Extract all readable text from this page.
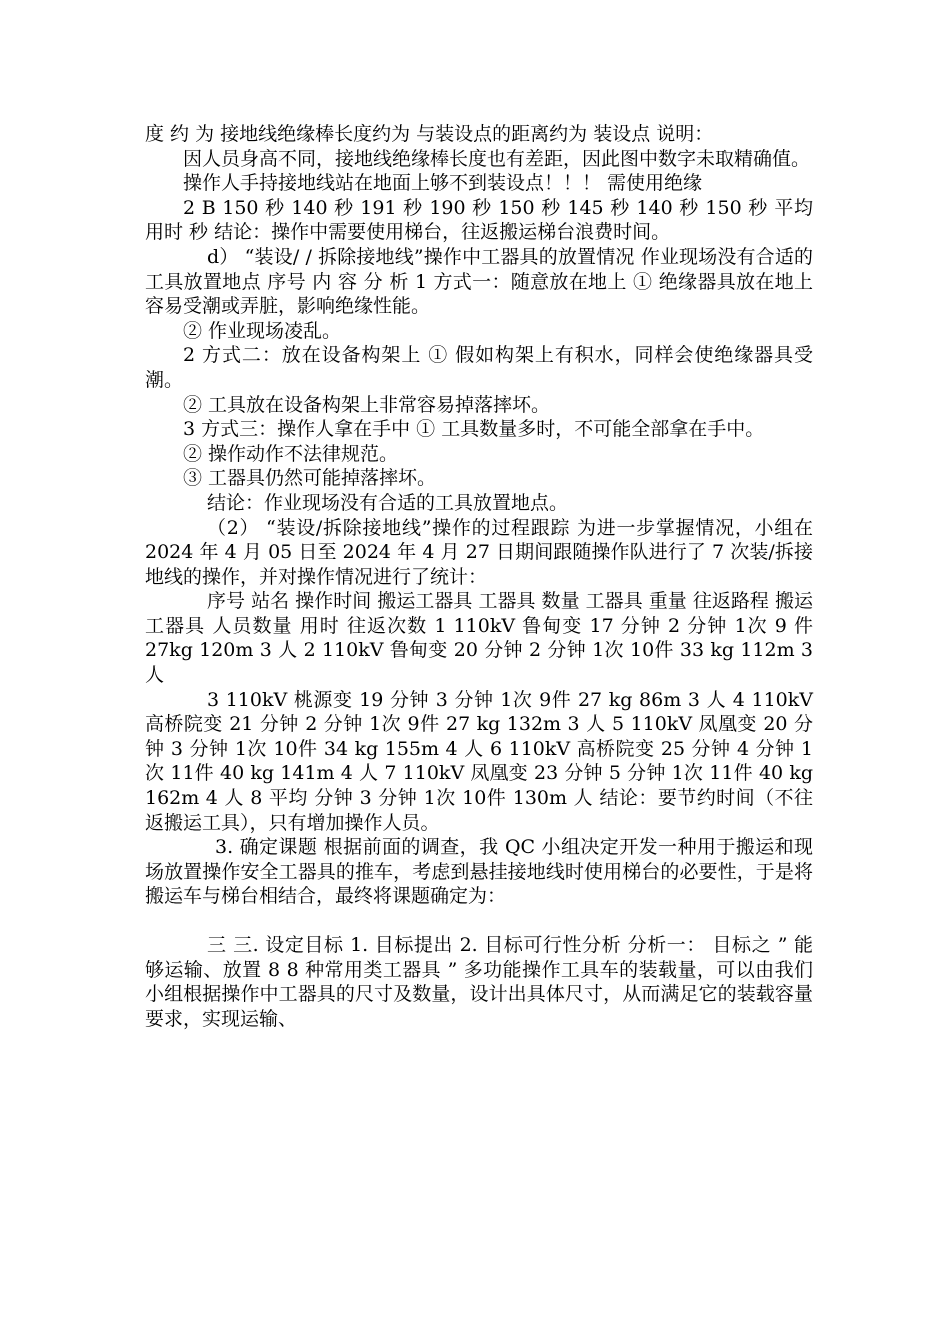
度 约 为 接地线绝缘棒长度约为 与装设点的距离约为 装设点 说明：

因人员身高不同，接地线绝缘棒长度也有差距，因此图中数字未取精确值。

操作人手持接地线站在地面上够不到装设点！！！ 需使用绝缘

2 B 150 秒 140 秒 191 秒 190 秒 150 秒 145 秒 140 秒 150 秒 平均用时 秒 结论：操作中需要使用梯台，往返搬运梯台浪费时间。

d） “装设/ / 拆除接地线”操作中工器具的放置情况 作业现场没有合适的工具放置地点 序号 内 容 分 析 1 方式一：随意放在地上 ① 绝缘器具放在地上容易受潮或弄脏，影响绝缘性能。

② 作业现场凌乱。

2 方式二：放在设备构架上 ① 假如构架上有积水，同样会使绝缘器具受潮。

② 工具放在设备构架上非常容易掉落摔坏。

3 方式三：操作人拿在手中 ① 工具数量多时，不可能全部拿在手中。

② 操作动作不法律规范。

③ 工器具仍然可能掉落摔坏。

结论：作业现场没有合适的工具放置地点。

（2） “装设/拆除接地线”操作的过程跟踪 为进一步掌握情况，小组在 2024 年 4 月 05 日至 2024 年 4 月 27 日期间跟随操作队进行了 7 次装/拆接地线的操作，并对操作情况进行了统计：

序号 站名 操作时间 搬运工器具 工器具 数量 工器具 重量 往返路程 搬运工器具 人员数量 用时 往返次数 1 110kV 鲁甸变 17 分钟 2 分钟 1次 9 件 27kg 120m 3 人 2 110kV 鲁甸变 20 分钟 2 分钟 1次 10件 33 kg 112m 3 人

3 110kV 桃源变 19 分钟 3 分钟 1次 9件 27 kg 86m 3 人 4 110kV 高桥院变 21 分钟 2 分钟 1次 9件 27 kg 132m 3 人 5 110kV 凤凰变 20 分钟 3 分钟 1次 10件 34 kg 155m 4 人 6 110kV 高桥院变 25 分钟 4 分钟 1次 11件 40 kg 141m 4 人 7 110kV 凤凰变 23 分钟 5 分钟 1次 11件 40 kg 162m 4 人 8 平均 分钟 3 分钟 1次 10件 130m 人 结论：要节约时间（不往返搬运工具），只有增加操作人员。

3. 确定课题 根据前面的调查，我 QC 小组决定开发一种用于搬运和现场放置操作安全工器具的推车，考虑到悬挂接地线时使用梯台的必要性，于是将搬运车与梯台相结合，最终将课题确定为：

三 三. 设定目标 1. 目标提出 2. 目标可行性分析 分析一： 目标之 ” 能够运输、放置 8 8 种常用类工器具 ” 多功能操作工具车的装载量，可以由我们小组根据操作中工器具的尺寸及数量，设计出具体尺寸，从而满足它的装载容量要求，实现运输、
